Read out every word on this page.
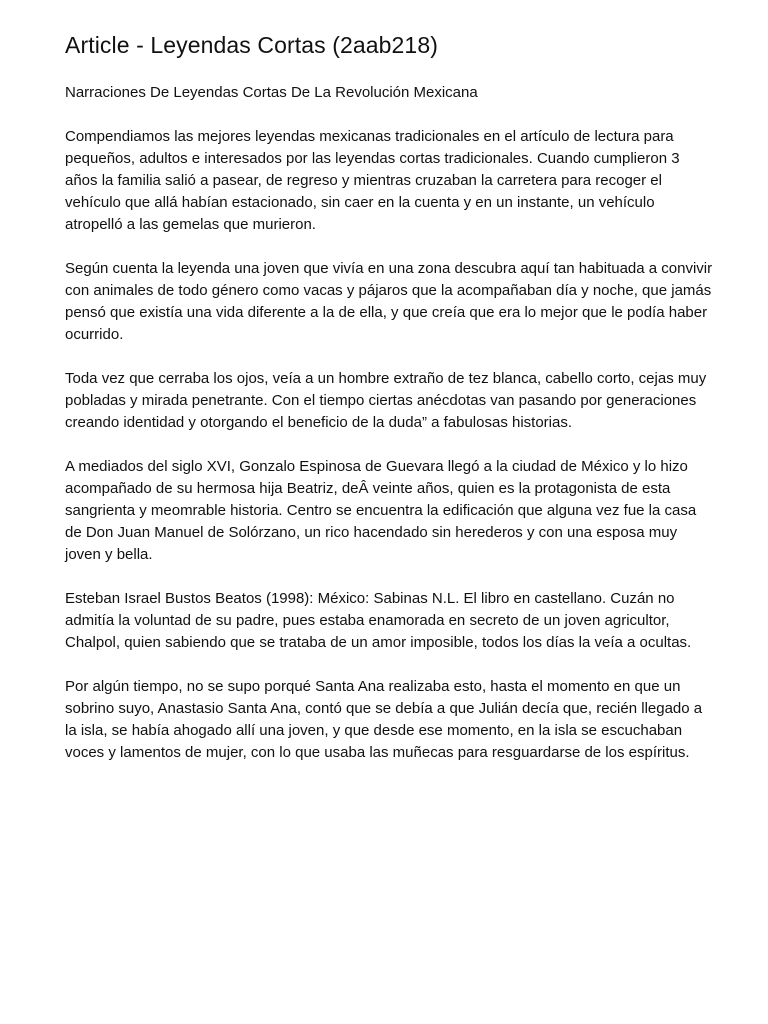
Article - Leyendas Cortas (2aab218)

Narraciones De Leyendas Cortas De La Revolución Mexicana

Compendiamos las mejores leyendas mexicanas tradicionales en el artículo de lectura para pequeños, adultos e interesados por las leyendas cortas tradicionales. Cuando cumplieron 3 años la familia salió a pasear, de regreso y mientras cruzaban la carretera para recoger el vehículo que allá habían estacionado, sin caer en la cuenta y en un instante, un vehículo atropelló a las gemelas que murieron.

Según cuenta la leyenda una joven que vivía en una zona descubra aquí tan habituada a convivir con animales de todo género como vacas y pájaros que la acompañaban día y noche, que jamás pensó que existía una vida diferente a la de ella, y que creía que era lo mejor que le podía haber ocurrido.

Toda vez que cerraba los ojos, veía a un hombre extraño de tez blanca, cabello corto, cejas muy pobladas y mirada penetrante. Con el tiempo ciertas anécdotas van pasando por generaciones creando identidad y otorgando el beneficio de la duda” a fabulosas historias.

A mediados del siglo XVI, Gonzalo Espinosa de Guevara llegó a la ciudad de México y lo hizo acompañado de su hermosa hija Beatriz, deÂ veinte años, quien es la protagonista de esta sangrienta y meomrable historia. Centro se encuentra la edificación que alguna vez fue la casa de Don Juan Manuel de Solórzano, un rico hacendado sin herederos y con una esposa muy joven y bella.

Esteban Israel Bustos Beatos (1998): México: Sabinas N.L. El libro en castellano. Cuzán no admitía la voluntad de su padre, pues estaba enamorada en secreto de un joven agricultor, Chalpol, quien sabiendo que se trataba de un amor imposible, todos los días la veía a ocultas.

Por algún tiempo, no se supo porqué Santa Ana realizaba esto, hasta el momento en que un sobrino suyo, Anastasio Santa Ana, contó que se debía a que Julián decía que, recién llegado a la isla, se había ahogado allí una joven, y que desde ese momento, en la isla se escuchaban voces y lamentos de mujer, con lo que usaba las muñecas para resguardarse de los espíritus.
